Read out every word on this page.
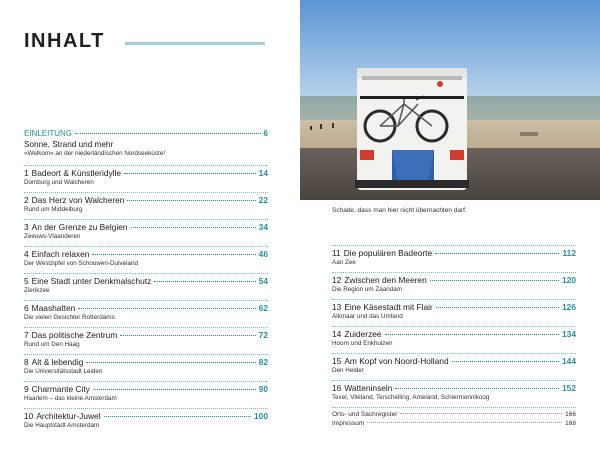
INHALT
Schade, dass man hier nicht übernachten darf.
EINLEITUNG	6
Sonne, Strand und mehr
»Welkom« an der niederländischen Nordseeküste!
1 Badeort & Künstleridylle	14
Domburg und Walcheren
2 Das Herz von Walcheren	22
Rund um Middelburg
3 An der Grenze zu Belgien	34
Zeeuws-Vlaanderen
4 Einfach relaxen	46
Der Westzipfel von Schouwen-Duiveland
5 Eine Stadt unter Denkmalschutz	54
Zierikzee
6 Maashatten	62
Die vielen Gesichter Rotterdams
7 Das politische Zentrum	72
Rund um Den Haag
8 Alt & lebendig	82
Die Universitätsstadt Leiden
9 Charmante City	90
Haarlem – das kleine Amsterdam
10 Architektur-Juwel	100
Die Hauptstadt Amsterdam
11 Die populären Badeorte	112
Aan Zee
12 Zwischen den Meeren	120
Die Region um Zaandam
13 Eine Käsestadt mit Flair	126
Alkmaar und das Umland
14 Zuiderzee	134
Hoorn und Enkhuizen
15 Am Kopf von Noord-Holland	144
Den Helder
16 Watteninseln	152
Texel, Vlieland, Terschelling, Ameland, Schiermonnikoog
Orts- und Sachregister	166
Impressum	168
